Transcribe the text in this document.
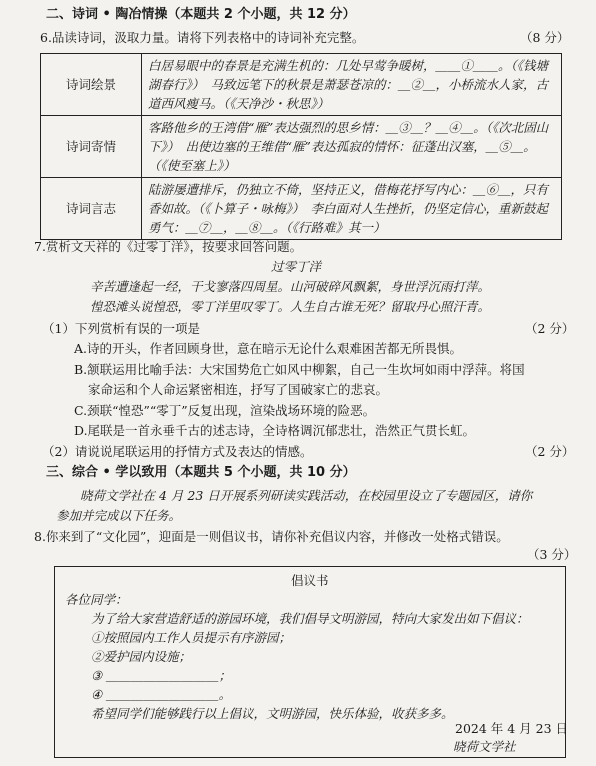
二、诗词 • 陶冶情操（本题共 2 个小题，共 12 分）
6.品读诗词，汲取力量。请将下列表格中的诗词补充完整。	（8 分）
诗词绘景	白居易眼中的春景是充满生机的：几处早莺争暖树，＿＿①＿＿。（《钱塘湖春行》）　马致远笔下的秋景是萧瑟苍凉的：＿②＿，小桥流水人家，古道西风瘦马。（《天净沙・秋思》）
诗词寄情	客路他乡的王湾借“雁”表达强烈的思乡情：＿③＿？＿④＿。（《次北固山下》）　出使边塞的王维借“雁”表达孤寂的情怀：征蓬出汉塞，＿⑤＿。（《使至塞上》）
诗词言志	陆游屡遭排斥，仍独立不倚，坚持正义，借梅花抒写内心：＿⑥＿，只有香如故。（《卜算子・咏梅》）　李白面对人生挫折，仍坚定信心，重新鼓起勇气：＿⑦＿，＿⑧＿。（《行路难》其一）
7.赏析文天祥的《过零丁洋》，按要求回答问题。
过零丁洋
辛苦遭逢起一经，干戈寥落四周星。山河破碎风飘絮，身世浮沉雨打萍。
惶恐滩头说惶恐，零丁洋里叹零丁。人生自古谁无死？留取丹心照汗青。
（1）下列赏析有误的一项是	（2 分）
A.诗的开头，作者回顾身世，意在暗示无论什么艰难困苦都无所畏惧。
B.颔联运用比喻手法：大宋国势危亡如风中柳絮，自己一生坎坷如雨中浮萍。将国
家命运和个人命运紧密相连，抒写了国破家亡的悲哀。
C.颈联“惶恐”“零丁”反复出现，渲染战场环境的险恶。
D.尾联是一首永垂千古的述志诗，全诗格调沉郁悲壮，浩然正气贯长虹。
（2）请说说尾联运用的抒情方式及表达的情感。	（2 分）
三、综合 • 学以致用（本题共 5 个小题，共 10 分）
晓荷文学社在 4 月 23 日开展系列研读实践活动，在校园里设立了专题园区，请你
参加并完成以下任务。
8.你来到了“文化园”，迎面是一则倡议书，请你补充倡议内容，并修改一处格式错误。
（3 分）
倡议书
各位同学：
为了给大家营造舒适的游园环境，我们倡导文明游园，特向大家发出如下倡议：
①按照园内工作人员提示有序游园；
②爱护园内设施；
③ ＿＿＿＿＿＿＿＿＿；
④ ＿＿＿＿＿＿＿＿＿。
希望同学们能够践行以上倡议，文明游园，快乐体验，收获多多。
2024 年 4 月 23 日
晓荷文学社
